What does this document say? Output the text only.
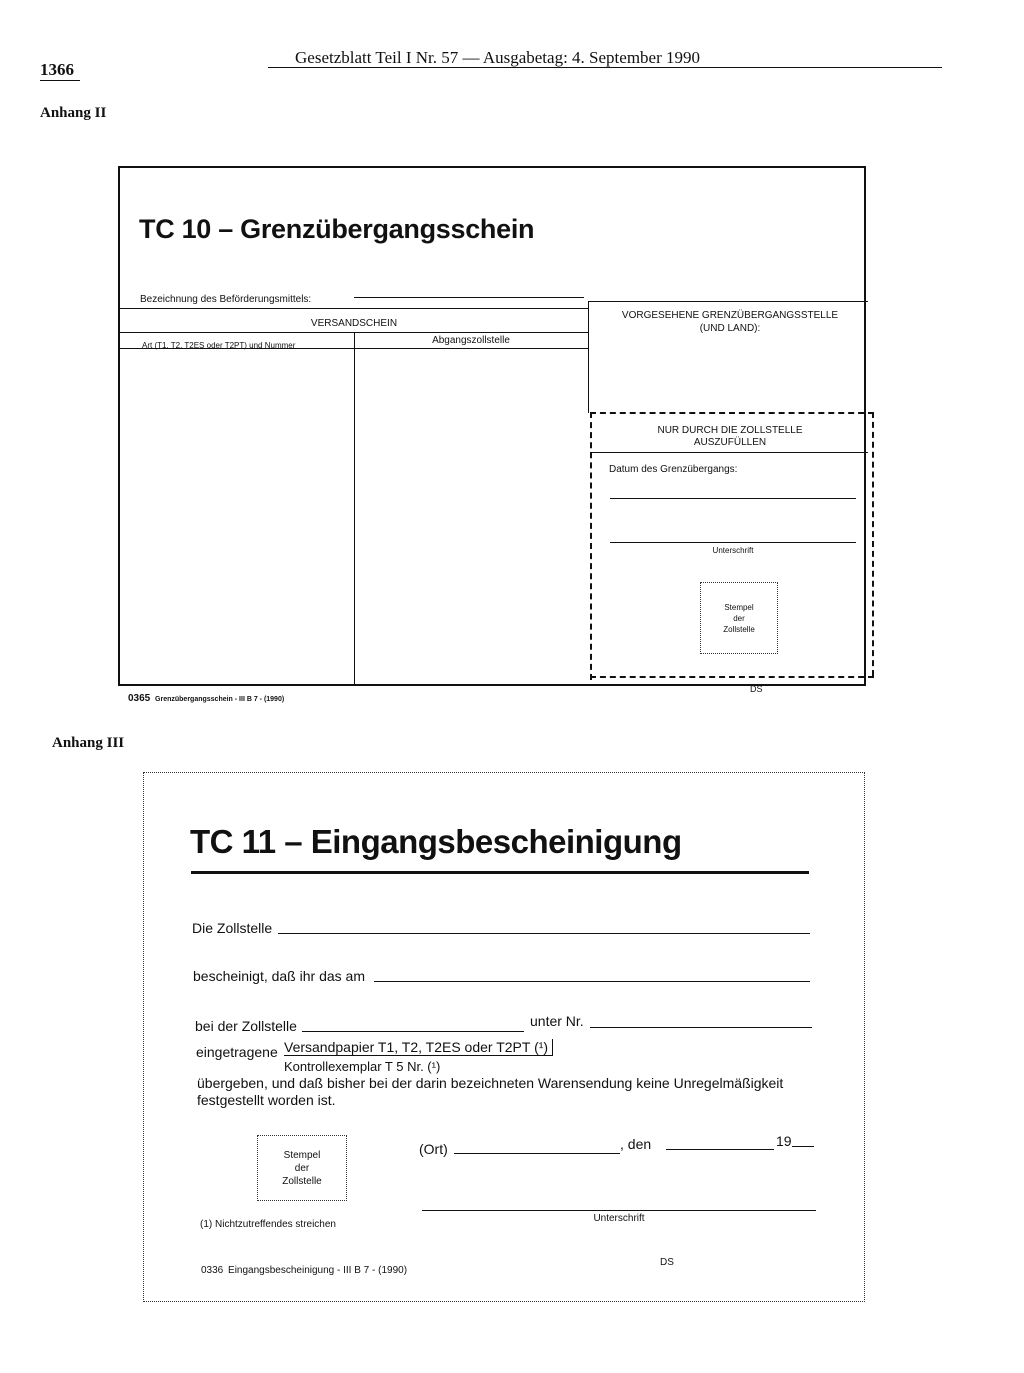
1366
Gesetzblatt Teil I Nr. 57 — Ausgabetag: 4. September 1990
Anhang II
TC 10 – Grenzübergangsschein
Bezeichnung des Beförderungsmittels:
VERSANDSCHEIN
Art (T1, T2, T2ES oder T2PT) und Nummer	Abgangszollstelle
VORGESEHENE GRENZÜBERGANGSSTELLE
(UND LAND):
NUR DURCH DIE ZOLLSTELLE
AUSZUFÜLLEN
Datum des Grenzübergangs:
Unterschrift
Stempel
der
Zollstelle
0365 Grenzübergangsschein - III B 7 - (1990)
DS
Anhang III
TC 11 – Eingangsbescheinigung
Die Zollstelle
bescheinigt, daß ihr das am
bei der Zollstelle	unter Nr.
eingetragene Versandpapier T1, T2, T2ES oder T2PT (¹)
Kontrollexemplar T 5 Nr. (¹)
übergeben, und daß bisher bei der darin bezeichneten Warensendung keine Unregelmäßigkeit
festgestellt worden ist.
Stempel
der
Zollstelle
(Ort)	, den	19
Unterschrift
(1) Nichtzutreffendes streichen
0336 Eingangsbescheinigung - III B 7 - (1990)
DS
